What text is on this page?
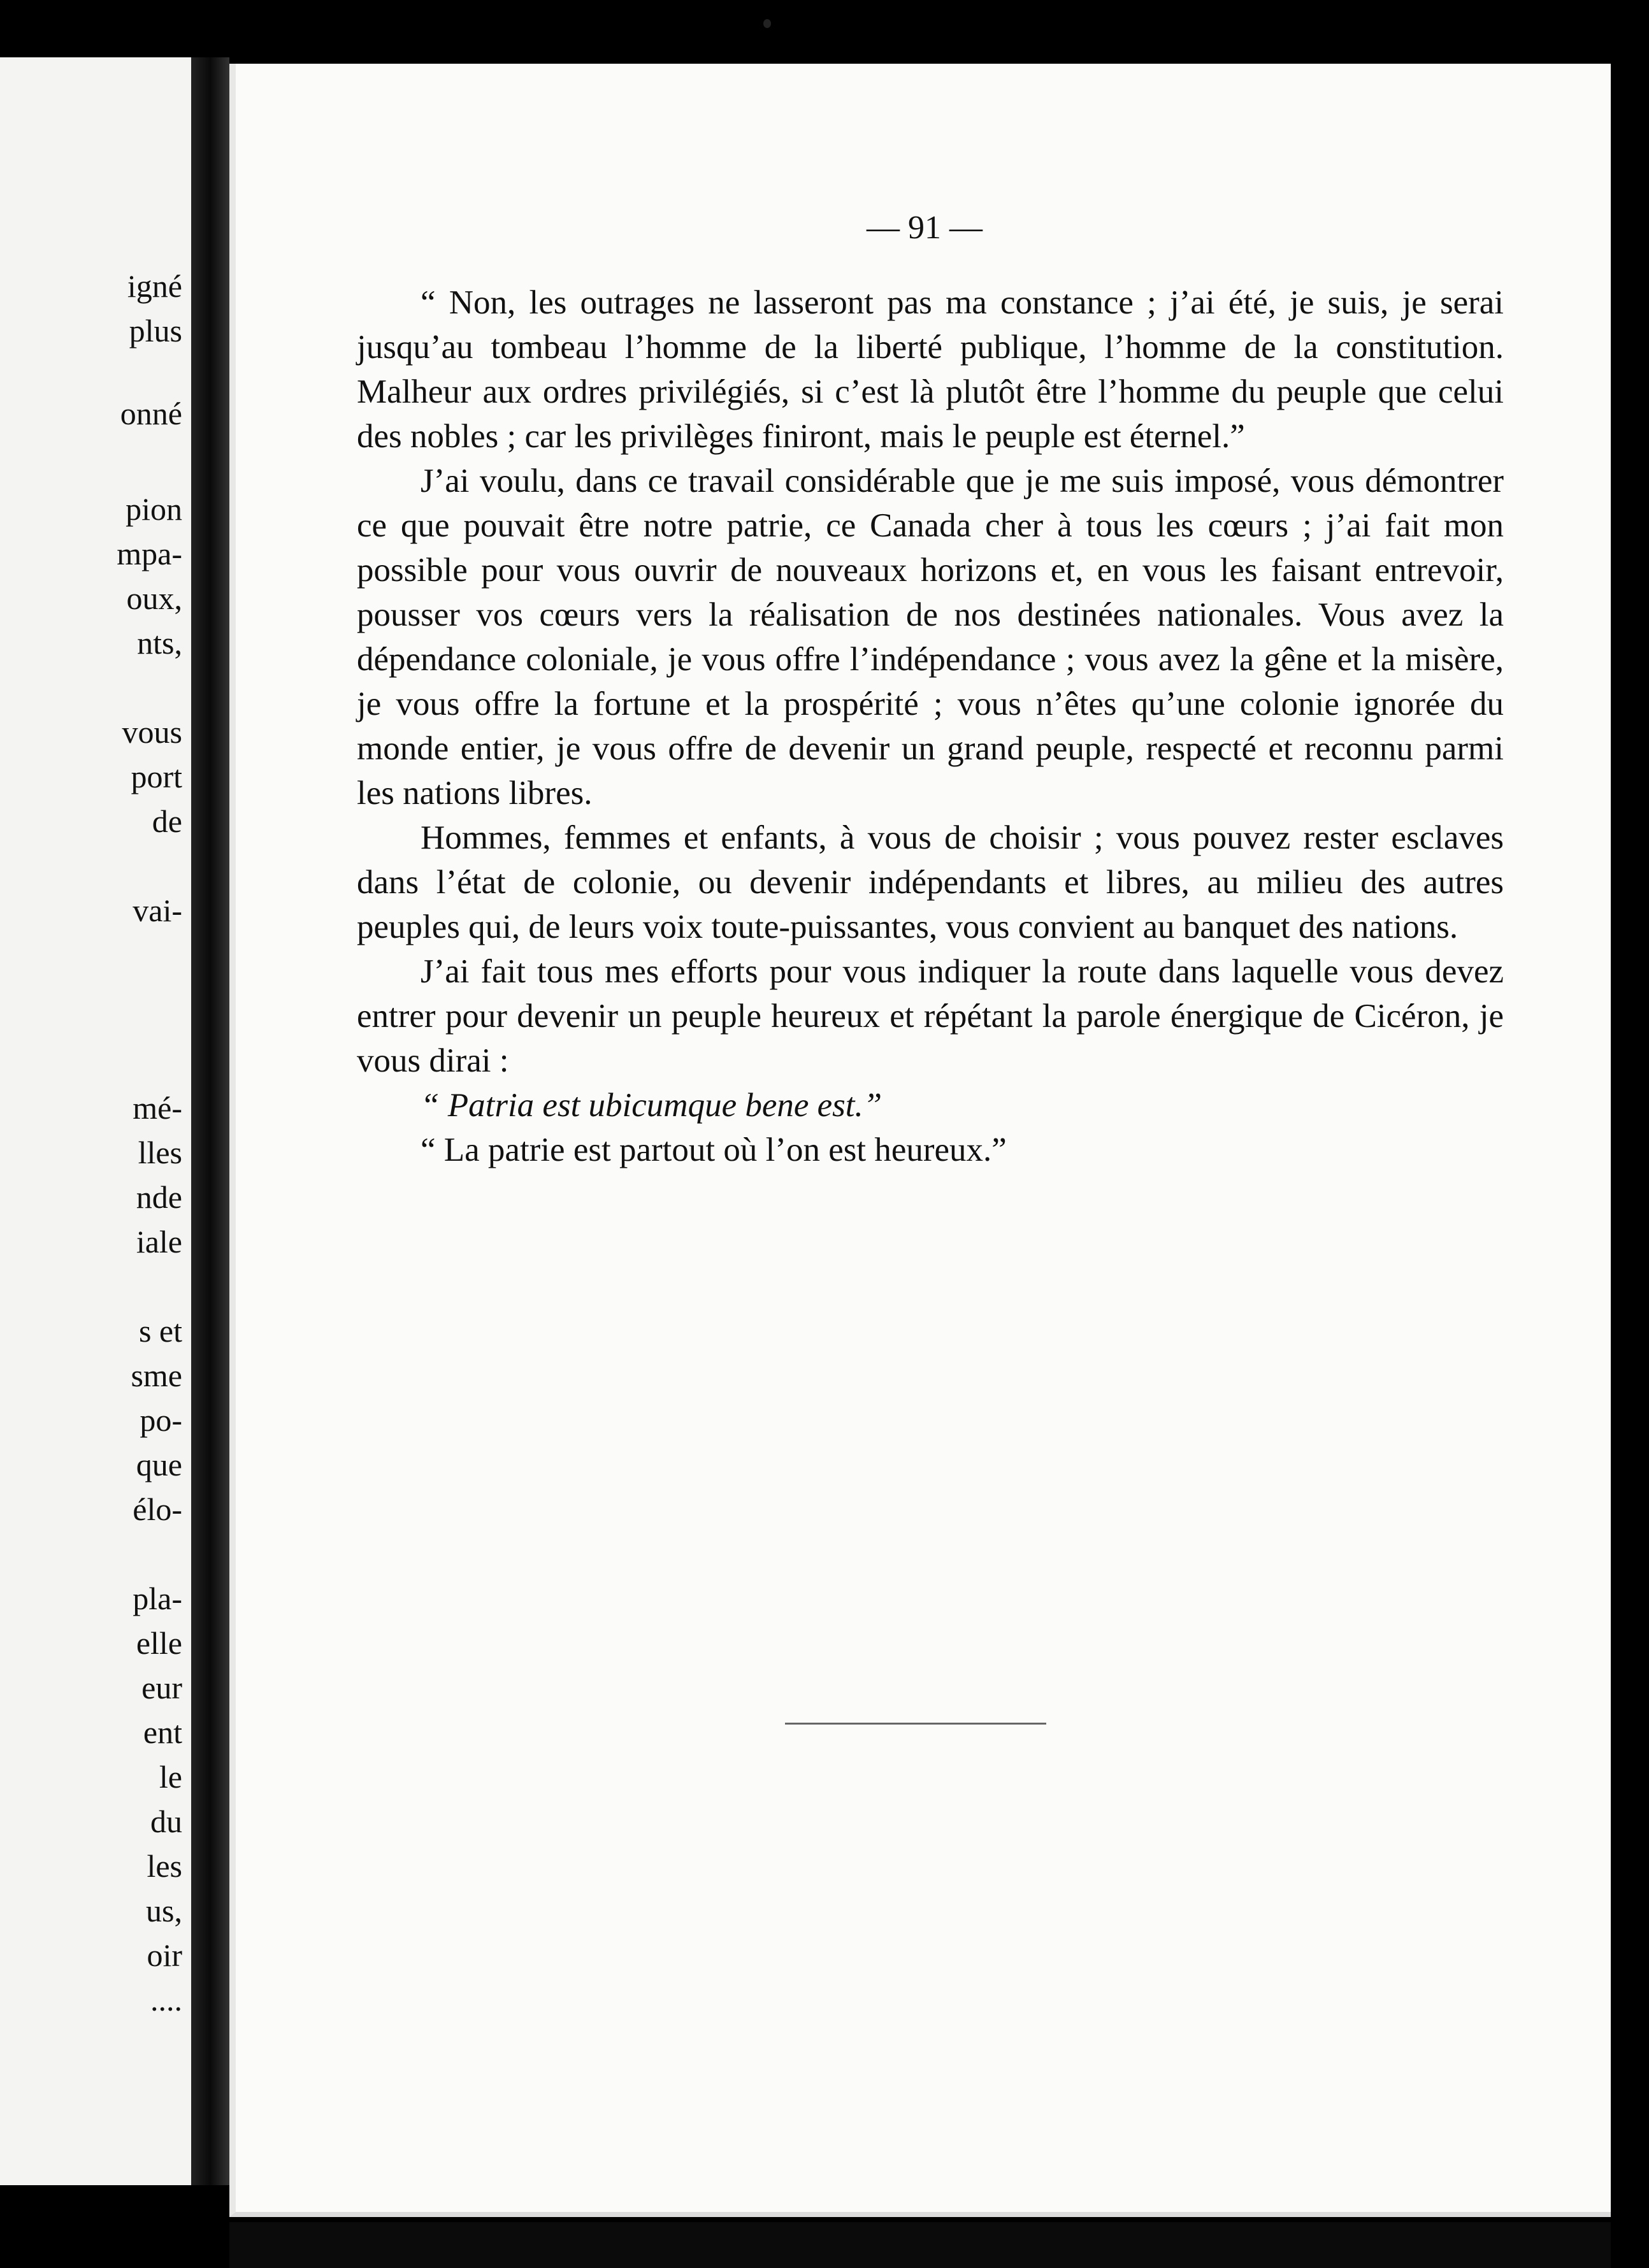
igné
plus
onné
pion
mpa-
oux,
nts,
vous
port
de
vai-
mé-
lles
nde
iale
s et
sme
po-
que
élo-
pla-
elle
eur
ent
le
du
les
us,
oir
....
— 91 —

“ Non, les outrages ne lasseront pas ma constance ; j’ai été, je suis, je serai jusqu’au tombeau l’homme de la liberté publique, l’homme de la constitution. Malheur aux ordres privilégiés, si c’est là plutôt être l’homme du peuple que celui des nobles ; car les privilèges finiront, mais le peuple est éternel.”

J’ai voulu, dans ce travail considérable que je me suis imposé, vous démontrer ce que pouvait être notre patrie, ce Canada cher à tous les cœurs ; j’ai fait mon possible pour vous ouvrir de nouveaux horizons et, en vous les faisant entrevoir, pousser vos cœurs vers la réalisation de nos destinées nationales. Vous avez la dépendance coloniale, je vous offre l’indépendance ; vous avez la gêne et la misère, je vous offre la fortune et la prospérité ; vous n’êtes qu’une colonie ignorée du monde entier, je vous offre de devenir un grand peuple, respecté et reconnu parmi les nations libres.

Hommes, femmes et enfants, à vous de choisir ; vous pouvez rester esclaves dans l’état de colonie, ou devenir indépendants et libres, au milieu des autres peuples qui, de leurs voix toute-puissantes, vous convient au banquet des nations.

J’ai fait tous mes efforts pour vous indiquer la route dans laquelle vous devez entrer pour devenir un peuple heureux et répétant la parole énergique de Cicéron, je vous dirai :

“ Patria est ubicumque bene est.”

“ La patrie est partout où l’on est heureux.”
